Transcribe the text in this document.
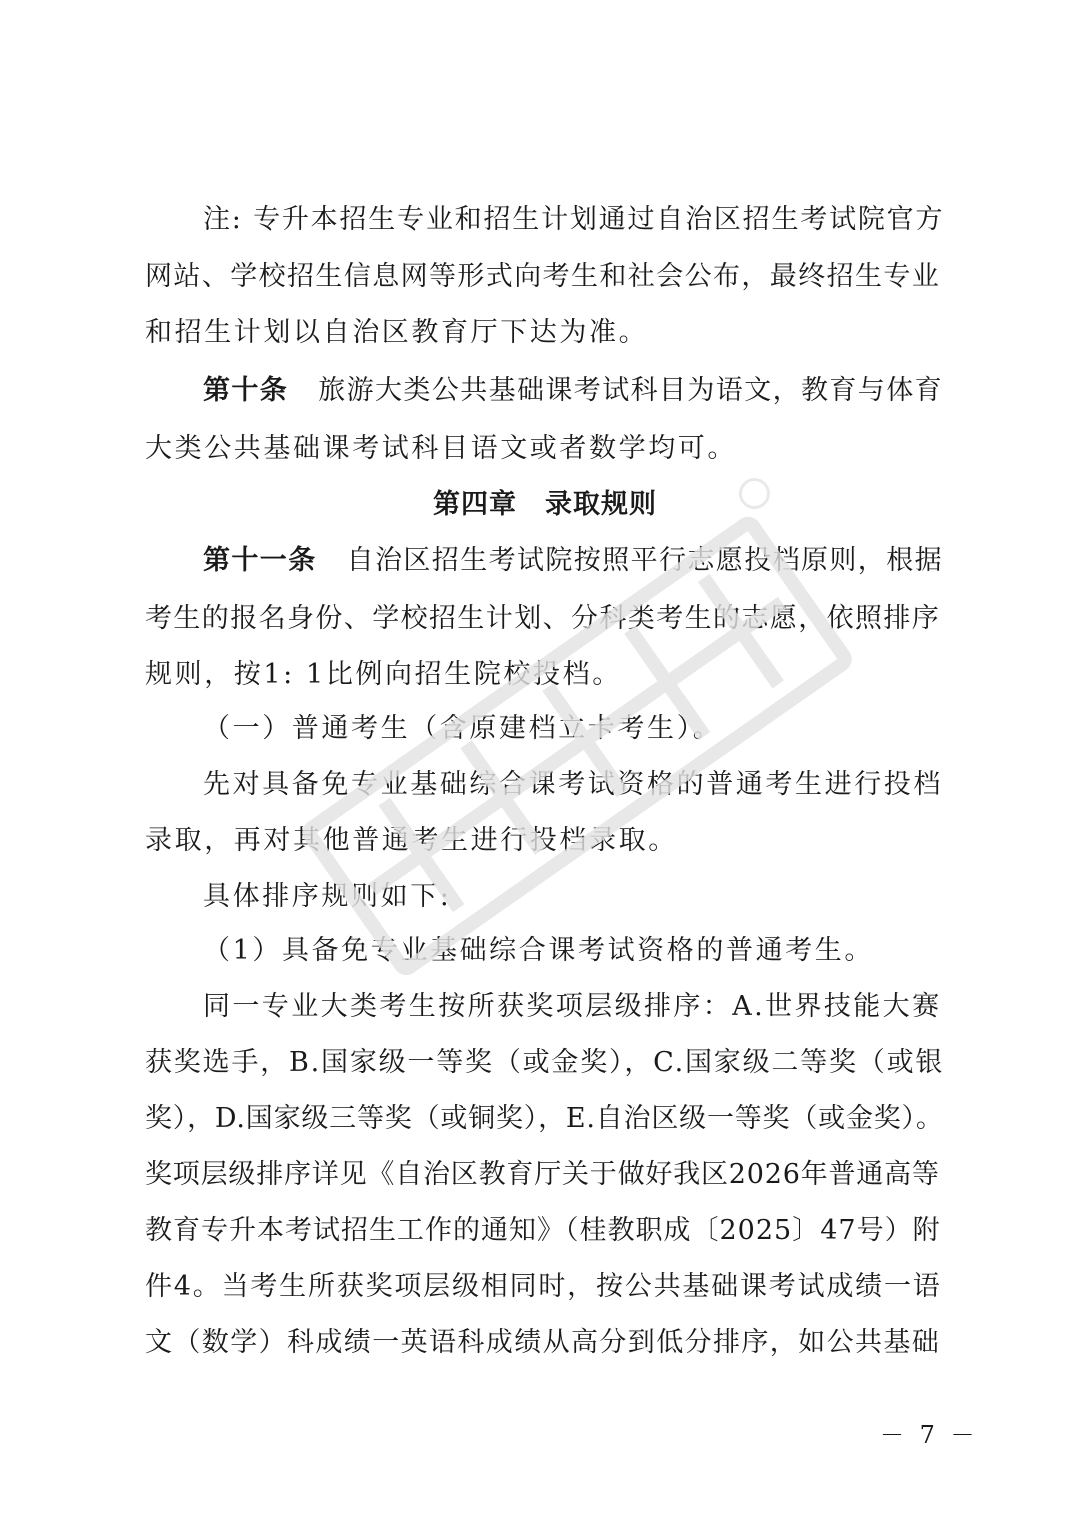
注: 专升本招生专业和招生计划通过自治区招生考试院官方
网站、学校招生信息网等形式向考生和社会公布，最终招生专业
和招生计划以自治区教育厅下达为准。
第十条 旅游大类公共基础课考试科目为语文，教育与体育
大类公共基础课考试科目语文或者数学均可。
第四章　录取规则
第十一条 自治区招生考试院按照平行志愿投档原则，根据
考生的报名身份、学校招生计划、分科类考生的志愿，依照排序
规则，按1: 1比例向招生院校投档。
（一）普通考生（含原建档立卡考生）。
先对具备免专业基础综合课考试资格的普通考生进行投档
录取，再对其他普通考生进行投档录取。
具体排序规则如下:
（1）具备免专业基础综合课考试资格的普通考生。
同一专业大类考生按所获奖项层级排序：A.世界技能大赛
获奖选手，B.国家级一等奖（或金奖），C.国家级二等奖（或银
奖），D.国家级三等奖（或铜奖），E.自治区级一等奖（或金奖）。
奖项层级排序详见《自治区教育厅关于做好我区2026年普通高等
教育专升本考试招生工作的通知》（桂教职成〔2025〕47号）附
件4。当考生所获奖项层级相同时，按公共基础课考试成绩一语
文（数学）科成绩一英语科成绩从高分到低分排序，如公共基础
－ 7 －
